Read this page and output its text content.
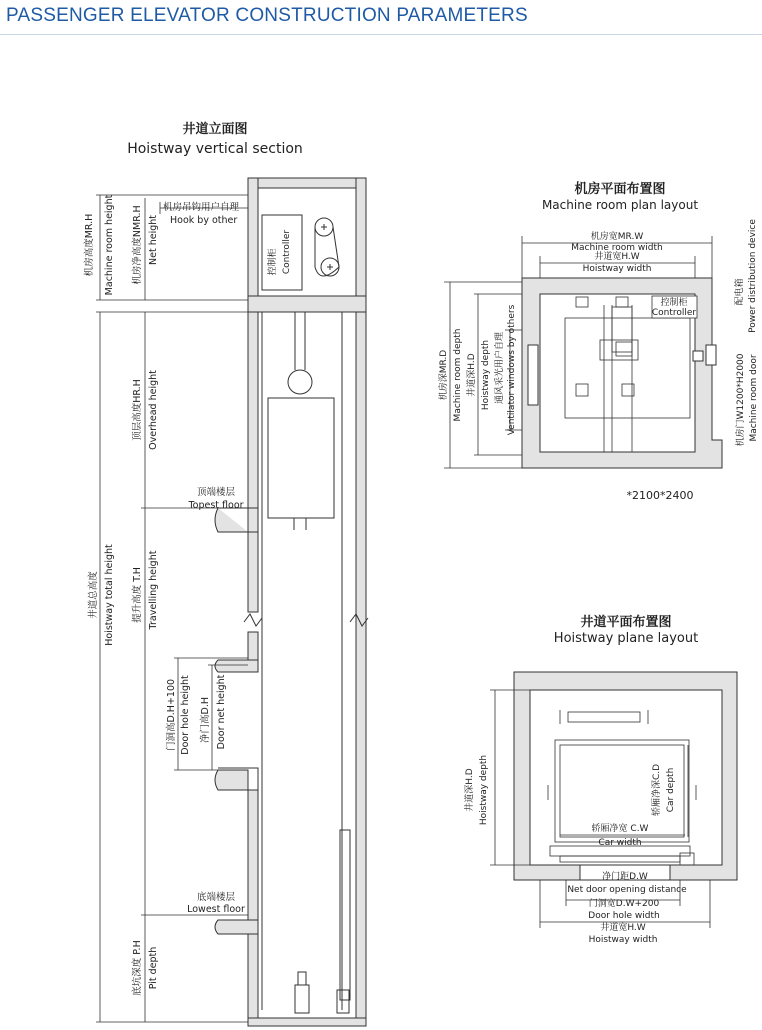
PASSENGER ELEVATOR CONSTRUCTION PARAMETERS
井道立面图
Hoistway vertical section
控制柜 Controller
机房高度MR.H Machine room height 机房净高度NMR.H Net height
机房吊钩用户自理
Hook by other
顶层高度HR.H Overhead height
顶端楼层
Topest floor
井道总高度 Hoistway total height 提升高度 T.H Travelling height
门洞高D.H+100 Door hole height 净门高D.H Door net height
底端楼层
Lowest floor
底坑深度 P.H Pit depth
机房平面布置图
Machine room plan layout
控制柜
Controller
机房宽MR.W
Machine room width
井道宽H.W
Hoistway width
机房深MR.D Machine room depth 井道深H.D Hoistway depth 通风采光用户自理 Ventilator windows by others
配电箱 Power distribution device
机房门W1200*H2000 Machine room door
*2100*2400
井道平面布置图
Hoistway plane layout
井道深H.D Hoistway depth	轿厢净深C.D Car depth
轿厢净宽 C.W
Car width
净门距D.W
Net door opening distance
门洞宽D.W+200
Door hole width
井道宽H.W
Hoistway width
